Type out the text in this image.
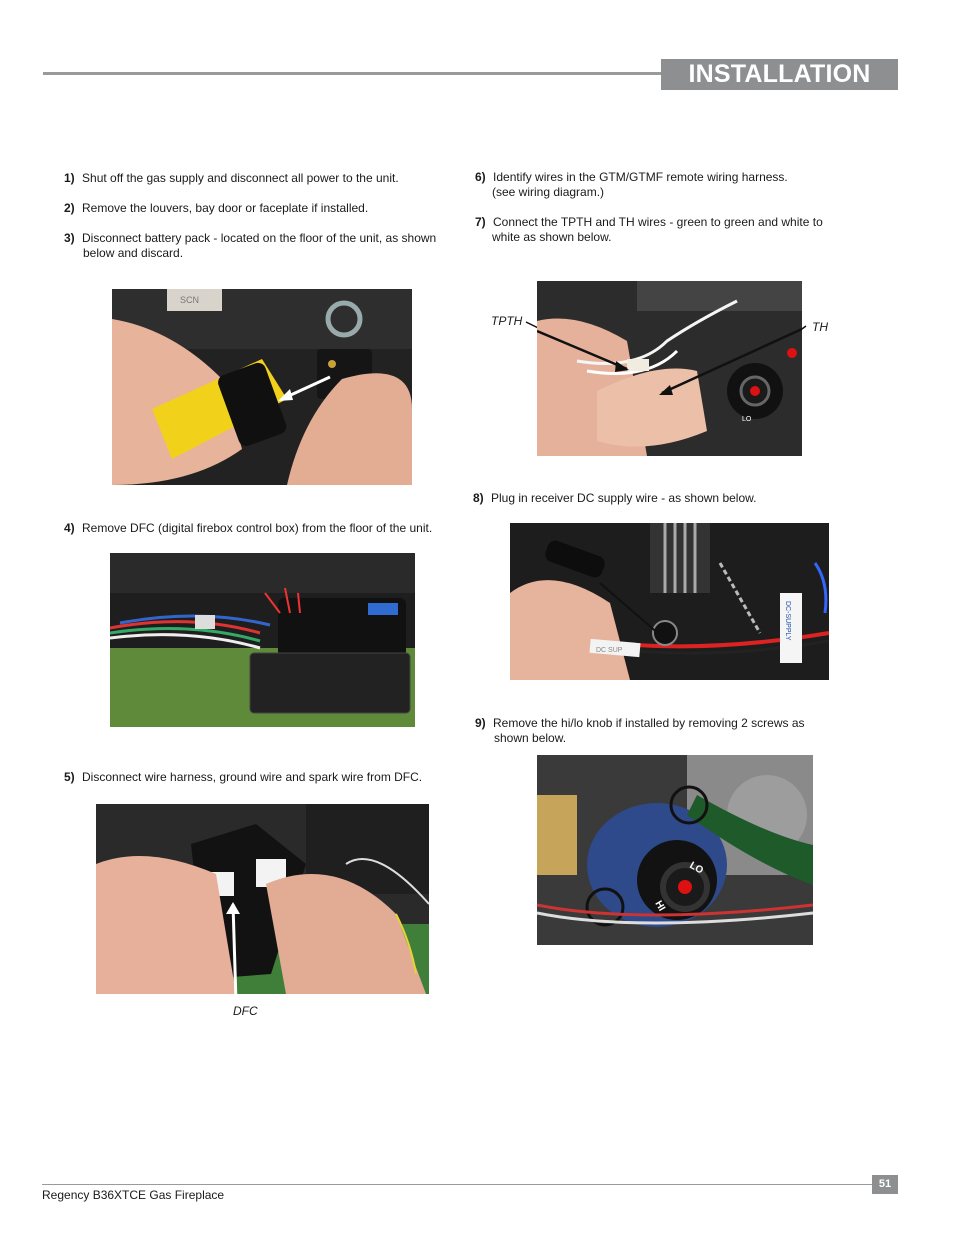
INSTALLATION
1) Shut off the gas supply and disconnect all power to the unit.
2) Remove the louvers, bay door or faceplate if installed.
3) Disconnect battery pack - located on the floor of the unit, as shown
below and discard.
SCN
4) Remove DFC (digital firebox control box) from the floor of the unit.
5) Disconnect wire harness, ground wire and spark wire from DFC.
DFC
6) Identify wires in the GTM/GTMF remote wiring harness.
(see wiring diagram.)
7) Connect the TPTH and TH wires - green to green and white to
white as shown below.
TPTH	TH
LO
8) Plug in receiver DC supply wire - as shown below.
DC SUP
DC-SUPPLY
9) Remove the hi/lo knob if installed by removing 2 screws as
shown below.
LO
HI
Regency B36XTCE Gas Fireplace
51
